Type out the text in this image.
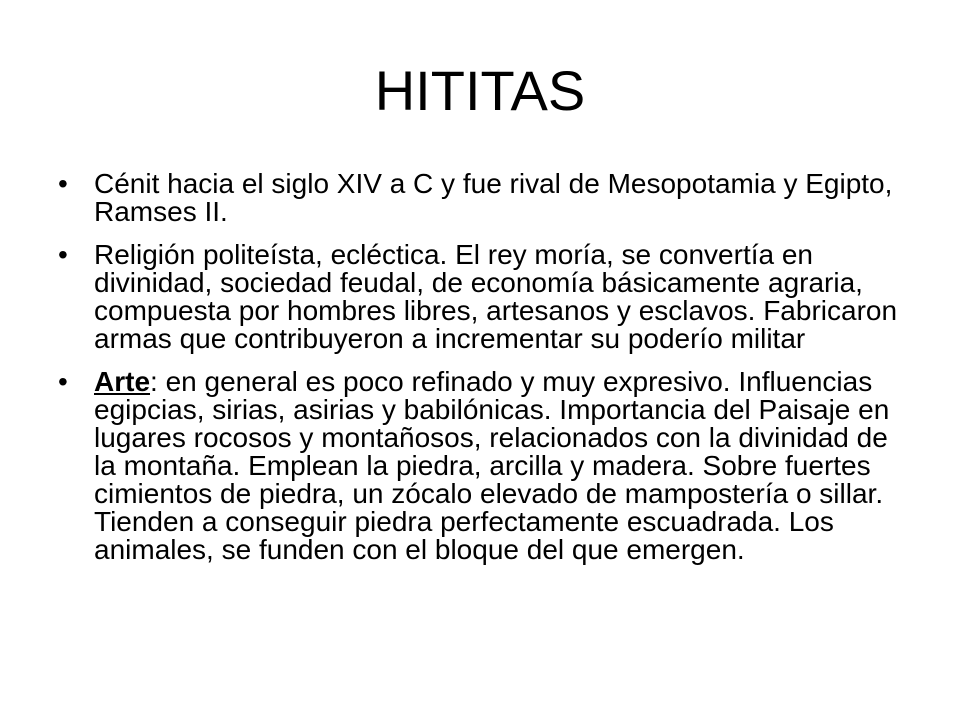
HITITAS
• Cénit hacia el siglo XIV a C y fue rival de Mesopotamia y Egipto, Ramses II.
• Religión politeísta, ecléctica. El rey moría, se convertía en divinidad, sociedad feudal, de economía básicamente agraria, compuesta por hombres libres, artesanos y esclavos. Fabricaron armas que contribuyeron a incrementar su poderío militar
• Arte: en general es poco refinado y muy expresivo. Influencias egipcias, sirias, asirias y babilónicas. Importancia del Paisaje en lugares rocosos y montañosos, relacionados con la divinidad de la montaña. Emplean la piedra, arcilla y madera. Sobre fuertes cimientos de piedra, un zócalo elevado de mampostería o sillar. Tienden a conseguir piedra perfectamente escuadrada. Los animales, se funden con el bloque del que emergen.
